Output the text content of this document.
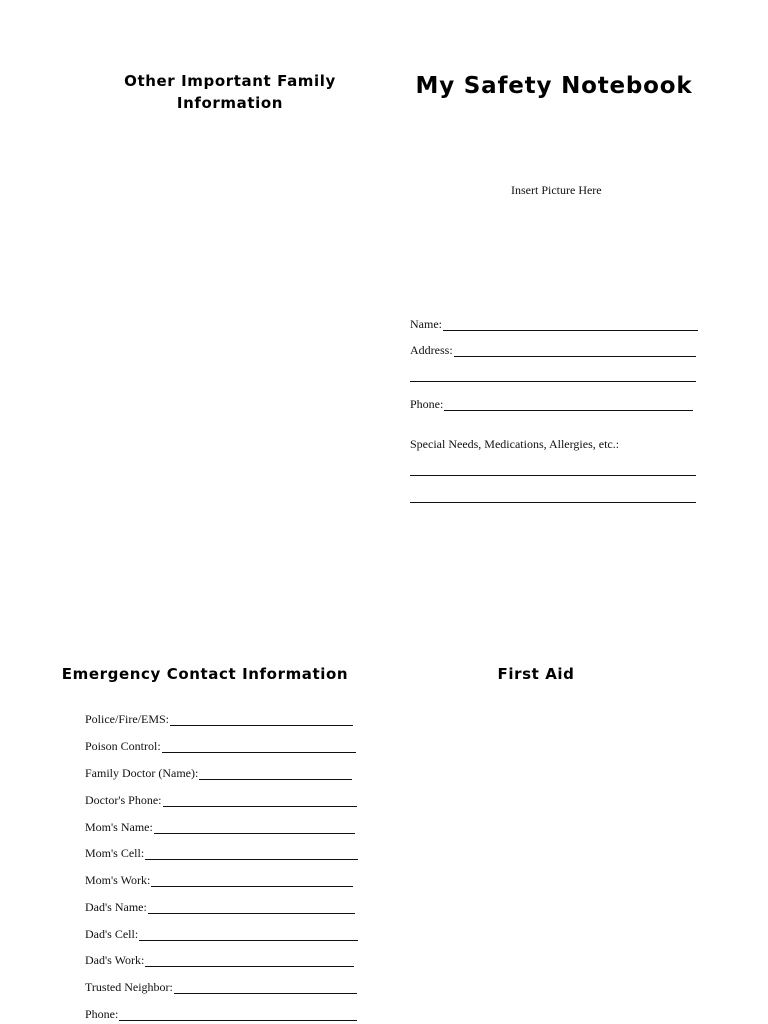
Other Important Family Information
My Safety Notebook
Insert Picture Here
Name:
Address:
Phone:
Special Needs, Medications, Allergies, etc.:
Emergency Contact Information
Police/Fire/EMS:
Poison Control:
Family Doctor (Name):
Doctor's Phone:
Mom's Name:
Mom's Cell:
Mom's Work:
Dad's Name:
Dad's Cell:
Dad's Work:
Trusted Neighbor:
Phone:
First Aid
